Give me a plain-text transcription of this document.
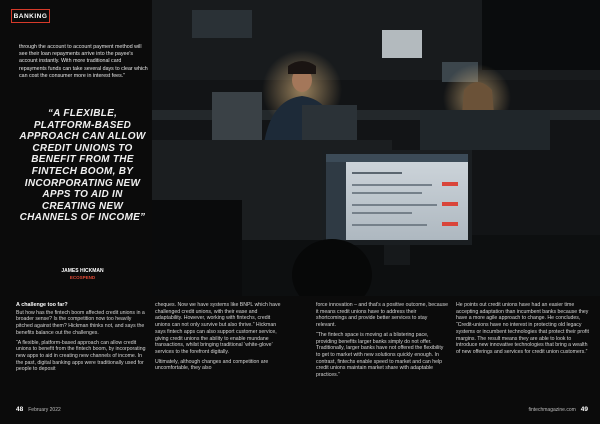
BANKING
through the account to account payment method will see their loan repayments arrive into the payee's account instantly. With more traditional card repayments funds can take several days to clear which can cost the consumer more in interest fees."
“A FLEXIBLE, PLATFORM-BASED APPROACH CAN ALLOW CREDIT UNIONS TO BENEFIT FROM THE FINTECH BOOM, BY INCORPORATING NEW APPS TO AID IN CREATING NEW CHANNELS OF INCOME”
JAMES HICKMAN
ECOSPEND
A challenge too far?

But how has the fintech boom affected credit unions in a broader sense? Is the competition now too heavily pitched against them? Hickman thinks not, and says the benefits balance out the challenges.

“A flexible, platform-based approach can allow credit unions to benefit from the fintech boom, by incorporating new apps to aid in creating new channels of income. In the past, digital banking apps were traditionally used for people to deposit

cheques. Now we have systems like BNPL which have challenged credit unions, with their ease and adaptability. However, working with fintechs, credit unions can not only survive but also thrive.” Hickman says fintech apps can also support customer service, giving credit unions the ability to enable mundane transactions, whilst bringing traditional ‘white-glove’ services to the forefront digitally.

Ultimately, although changes and competition are uncomfortable, they also

force innovation – and that’s a positive outcome, because it means credit unions have to address their shortcomings and provide better services to stay relevant.

“The fintech space is moving at a blistering pace, providing benefits larger banks simply do not offer. Traditionally, larger banks have not offered the flexibility to get to market with new solutions quickly enough. In contrast, fintechs enable speed to market and can help credit unions maintain market share with adaptable practices.”

He points out credit unions have had an easier time accepting adaptation than incumbent banks because they have a more agile approach to change. He concludes, “Credit-unions have no interest in protecting old legacy systems or incumbent technologies that protect their profit margins. The result means they are able to look to introduce new innovative technologies that bring a wealth of new offerings and services for credit union customers.”

48 February 2022	fintechmagazine.com 49
